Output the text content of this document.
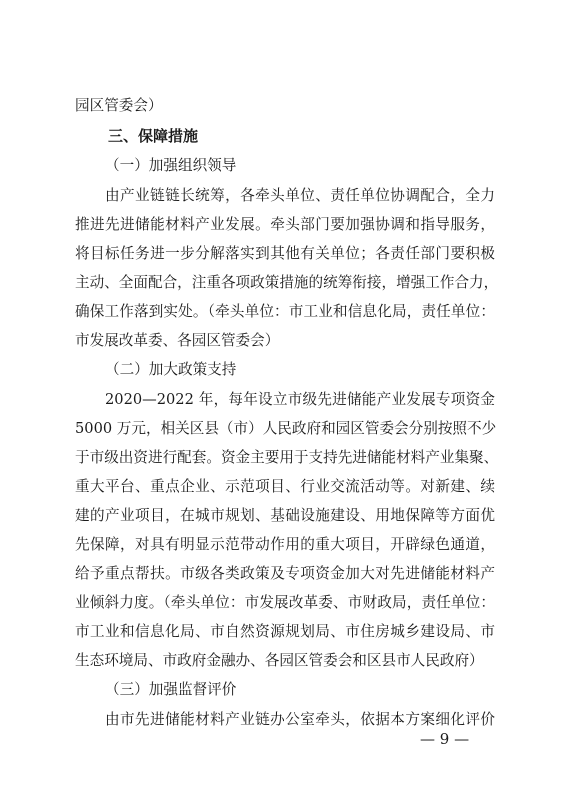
园区管委会）
三、保障措施
（一）加强组织领导
由产业链链长统筹，各牵头单位、责任单位协调配合，全力
推进先进储能材料产业发展。牵头部门要加强协调和指导服务，
将目标任务进一步分解落实到其他有关单位；各责任部门要积极
主动、全面配合，注重各项政策措施的统筹衔接，增强工作合力，
确保工作落到实处。（牵头单位：市工业和信息化局，责任单位：
市发展改革委、各园区管委会）
（二）加大政策支持
2020—2022 年，每年设立市级先进储能产业发展专项资金
5000 万元，相关区县（市）人民政府和园区管委会分别按照不少
于市级出资进行配套。资金主要用于支持先进储能材料产业集聚、
重大平台、重点企业、示范项目、行业交流活动等。对新建、续
建的产业项目，在城市规划、基础设施建设、用地保障等方面优
先保障，对具有明显示范带动作用的重大项目，开辟绿色通道，
给予重点帮扶。市级各类政策及专项资金加大对先进储能材料产
业倾斜力度。（牵头单位：市发展改革委、市财政局，责任单位：
市工业和信息化局、市自然资源规划局、市住房城乡建设局、市
生态环境局、市政府金融办、各园区管委会和区县市人民政府）
（三）加强监督评价
由市先进储能材料产业链办公室牵头，依据本方案细化评价
— 9 —
